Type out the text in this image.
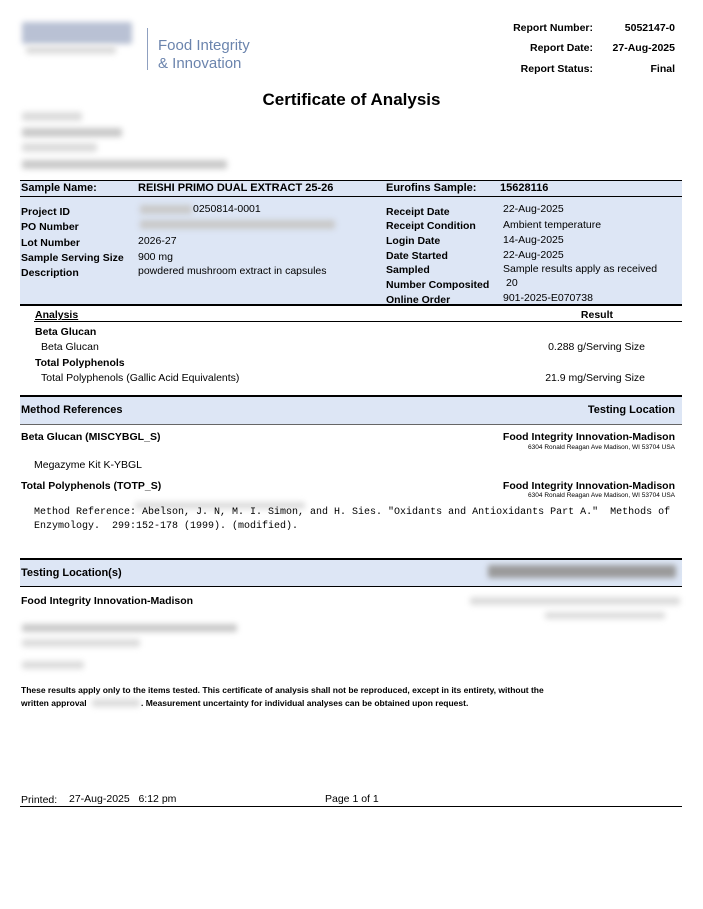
Food Integrity
& Innovation
Report Number:	5052147-0
Report Date: 27-Aug-2025
Report Status:	Final
Certificate of Analysis
Sample Name:	REISHI PRIMO DUAL EXTRACT 25-26	Eurofins Sample: 15628116
Project ID	0250814-0001
PO Number
Lot Number	2026-27
Sample Serving Size 900 mg
Description	powdered mushroom extract in capsules
Receipt Date	22-Aug-2025
Receipt Condition	Ambient temperature
Login Date	14-Aug-2025
Date Started	22-Aug-2025
Sampled	Sample results apply as received
Number Composited 20
Online Order	901-2025-E070738
Analysis	Result
Beta Glucan
Beta Glucan	0.288 g/Serving Size
Total Polyphenols
Total Polyphenols (Gallic Acid Equivalents)	21.9 mg/Serving Size
Method References	Testing Location
Beta Glucan (MISCYBGL_S)	Food Integrity Innovation-Madison
6304 Ronald Reagan Ave Madison, WI 53704 USA
Megazyme Kit K-YBGL
Total Polyphenols (TOTP_S)	Food Integrity Innovation-Madison
6304 Ronald Reagan Ave Madison, WI 53704 USA
Method Reference: Abelson, J. N, M. I. Simon, and H. Sies. "Oxidants and Antioxidants Part A."  Methods of
Enzymology.  299:152-178 (1999). (modified).
Testing Location(s)
Food Integrity Innovation-Madison
These results apply only to the items tested. This certificate of analysis shall not be reproduced, except in its entirety, without the
written approval	. Measurement uncertainty for individual analyses can be obtained upon request.
Printed: 27-Aug-2025   6:12 pm	Page 1 of 1
